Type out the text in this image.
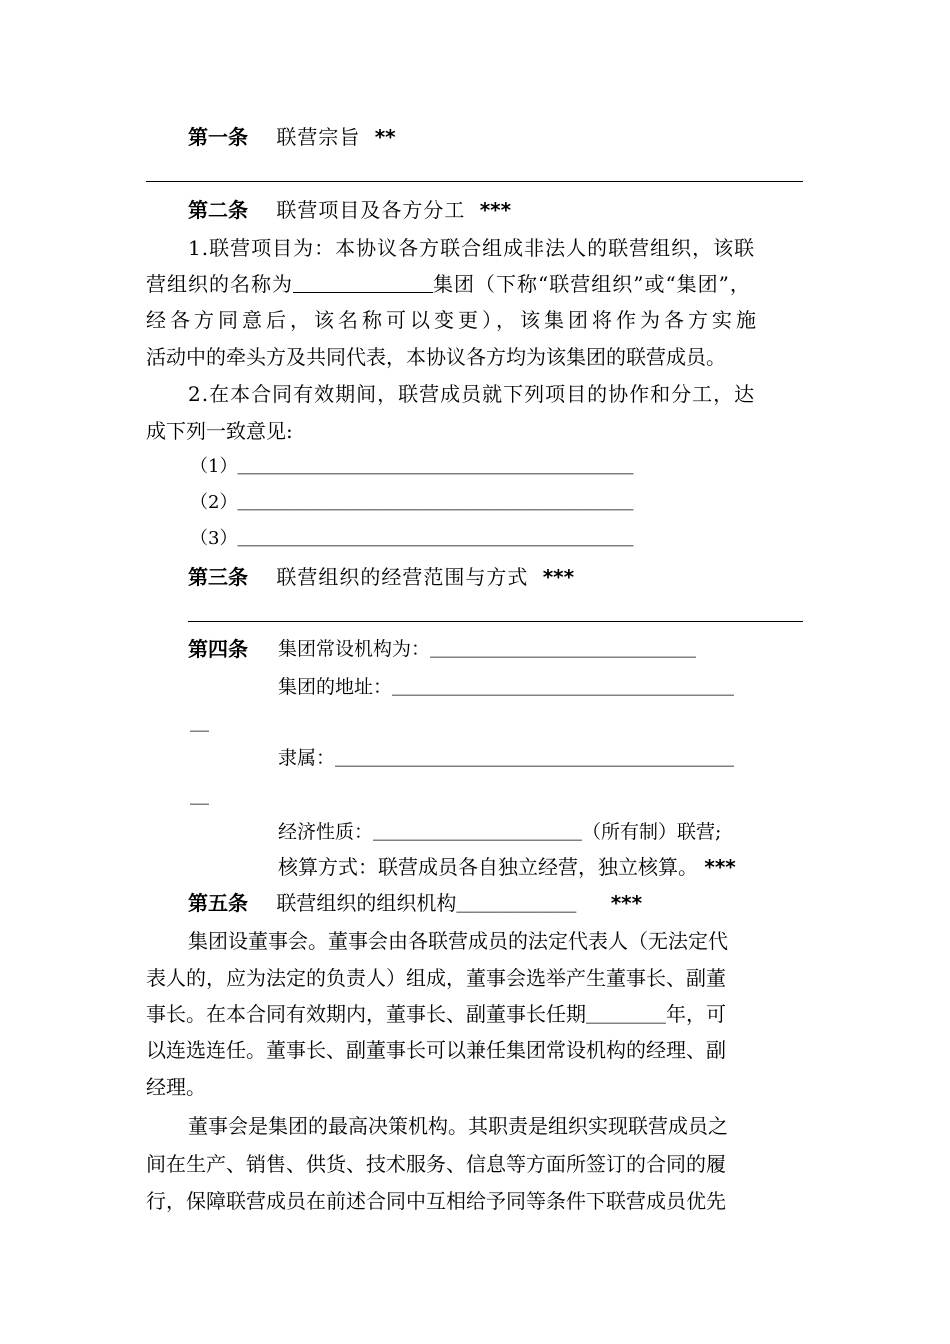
第一条 联营宗旨 **
第二条 联营项目及各方分工 ***
1.联营项目为：本协议各方联合组成非法人的联营组织，该联
营组织的名称为	集团（下称“联营组织”或“集团”，
经各方同意后，该名称可以变更），该集团将作为各方实施
活动中的牵头方及共同代表，本协议各方均为该集团的联营成员。
2.在本合同有效期间，联营成员就下列项目的协作和分工，达
成下列一致意见:
（1）＿＿＿＿＿＿＿＿＿＿＿＿＿＿＿＿＿＿＿＿＿＿
（2）＿＿＿＿＿＿＿＿＿＿＿＿＿＿＿＿＿＿＿＿＿＿
（3）＿＿＿＿＿＿＿＿＿＿＿＿＿＿＿＿＿＿＿＿＿＿
第三条 联营组织的经营范围与方式 ***
第四条 集团常设机构为：＿＿＿＿＿＿＿＿＿＿＿＿＿＿
集团的地址：＿＿＿＿＿＿＿＿＿＿＿＿＿＿＿＿＿＿
＿
隶属：＿＿＿＿＿＿＿＿＿＿＿＿＿＿＿＿＿＿＿＿＿
＿
经济性质：＿＿＿＿＿＿＿＿＿＿＿（所有制）联营;
核算方式：联营成员各自独立经营，独立核算。 ***
第五条 联营组织的组织机构＿＿＿＿＿＿ ***
集团设董事会。董事会由各联营成员的法定代表人（无法定代
表人的，应为法定的负责人）组成，董事会选举产生董事长、副董
事长。在本合同有效期内，董事长、副董事长任期＿＿＿＿年，可
以连选连任。董事长、副董事长可以兼任集团常设机构的经理、副
经理。
董事会是集团的最高决策机构。其职责是组织实现联营成员之
间在生产、销售、供货、技术服务、信息等方面所签订的合同的履
行，保障联营成员在前述合同中互相给予同等条件下联营成员优先
